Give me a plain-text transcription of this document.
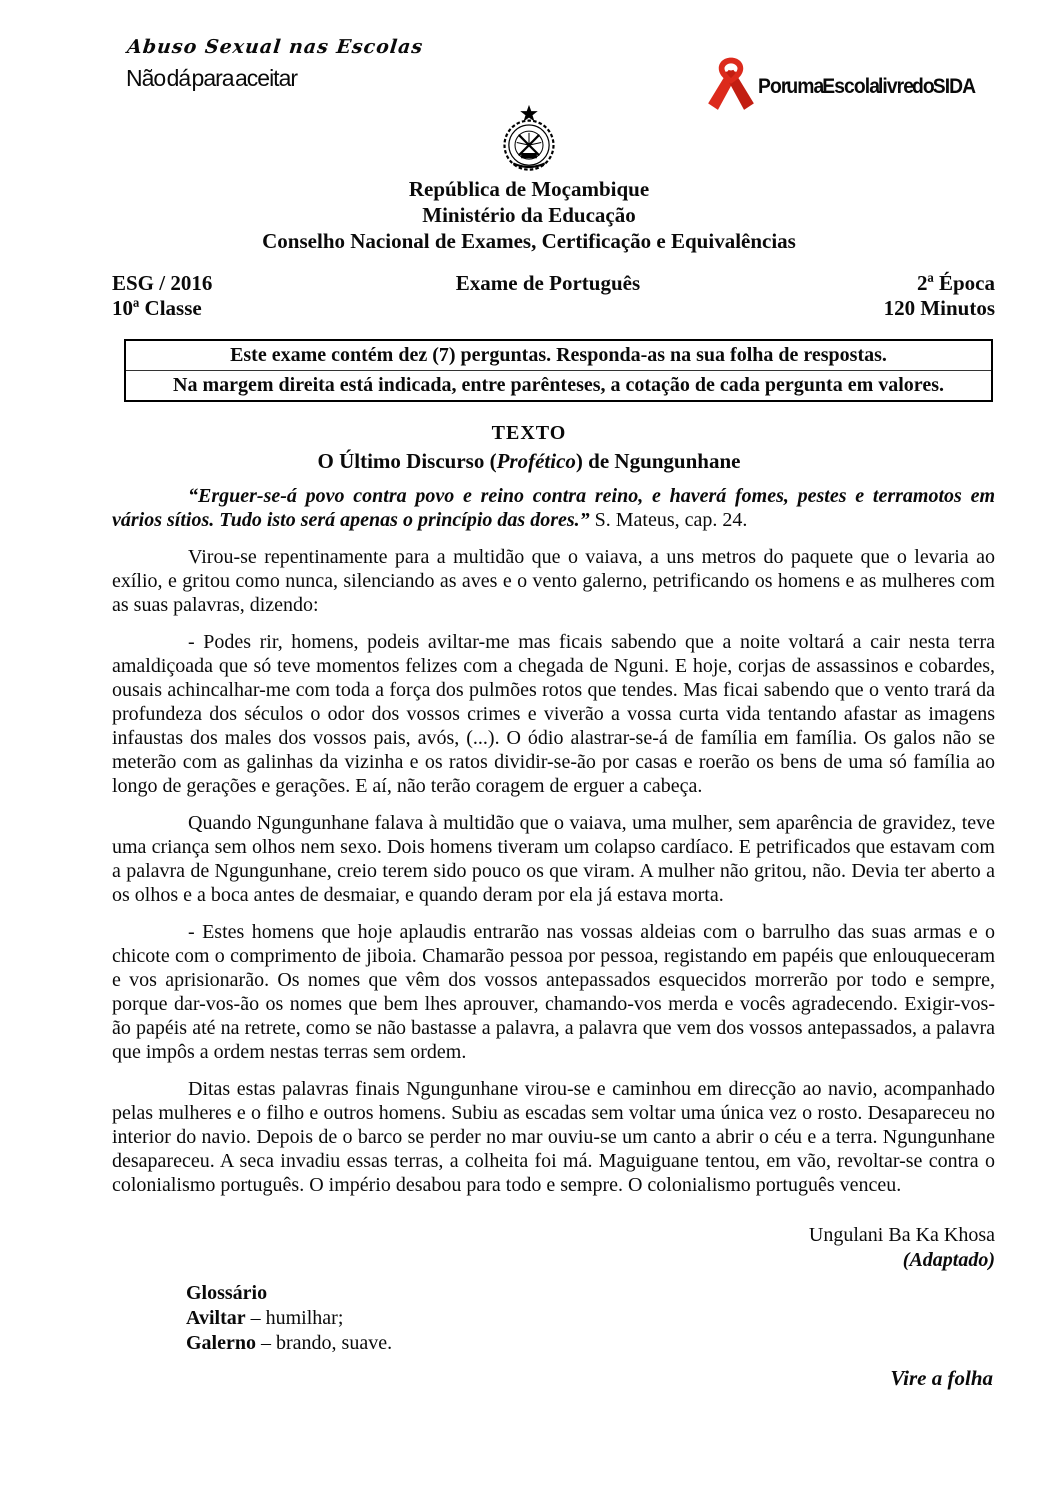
Abuso Sexual nas Escolas
Não dá para aceitar	Por uma Escola livre do SIDA
República de Moçambique
Ministério da Educação
Conselho Nacional de Exames, Certificação e Equivalências
ESG / 2016
10ª Classe
Exame de Português	2ª Época
120 Minutos
Este exame contém dez (7) perguntas. Responda-as na sua folha de respostas.
Na margem direita está indicada, entre parênteses, a cotação de cada pergunta em valores.
TEXTO
O Último Discurso (Profético) de Ngungunhane
“Erguer-se-á povo contra povo e reino contra reino, e haverá fomes, pestes e terramotos em vários sítios. Tudo isto será apenas o princípio das dores.” S. Mateus, cap. 24.

Virou-se repentinamente para a multidão que o vaiava, a uns metros do paquete que o levaria ao exílio, e gritou como nunca, silenciando as aves e o vento galerno, petrificando os homens e as mulheres com as suas palavras, dizendo:

- Podes rir, homens, podeis aviltar-me mas ficais sabendo que a noite voltará a cair nesta terra amaldiçoada que só teve momentos felizes com a chegada de Nguni. E hoje, corjas de assassinos e cobardes, ousais achincalhar-me com toda a força dos pulmões rotos que tendes. Mas ficai sabendo que o vento trará da profundeza dos séculos o odor dos vossos crimes e viverão a vossa curta vida tentando afastar as imagens infaustas dos males dos vossos pais, avós, (...). O ódio alastrar-se-á de família em família. Os galos não se meterão com as galinhas da vizinha e os ratos dividir-se-ão por casas e roerão os bens de uma só família ao longo de gerações e gerações. E aí, não terão coragem de erguer a cabeça.

Quando Ngungunhane falava à multidão que o vaiava, uma mulher, sem aparência de gravidez, teve uma criança sem olhos nem sexo. Dois homens tiveram um colapso cardíaco. E petrificados que estavam com a palavra de Ngungunhane, creio terem sido pouco os que viram. A mulher não gritou, não. Devia ter aberto a os olhos e a boca antes de desmaiar, e quando deram por ela já estava morta.

- Estes homens que hoje aplaudis entrarão nas vossas aldeias com o barrulho das suas armas e o chicote com o comprimento de jiboia. Chamarão pessoa por pessoa, registando em papéis que enlouqueceram e vos aprisionarão. Os nomes que vêm dos vossos antepassados esquecidos morrerão por todo e sempre, porque dar-vos-ão os nomes que bem lhes aprouver, chamando-vos merda e vocês agradecendo. Exigir-vos-ão papéis até na retrete, como se não bastasse a palavra, a palavra que vem dos vossos antepassados, a palavra que impôs a ordem nestas terras sem ordem.

Ditas estas palavras finais Ngungunhane virou-se e caminhou em direcção ao navio, acompanhado pelas mulheres e o filho e outros homens. Subiu as escadas sem voltar uma única vez o rosto. Desapareceu no interior do navio. Depois de o barco se perder no mar ouviu-se um canto a abrir o céu e a terra. Ngungunhane desapareceu. A seca invadiu essas terras, a colheita foi má. Maguiguane tentou, em vão, revoltar-se contra o colonialismo português. O império desabou para todo e sempre. O colonialismo português venceu.

Ungulani Ba Ka Khosa
(Adaptado)
Glossário
Aviltar – humilhar;
Galerno – brando, suave.
Vire a folha
